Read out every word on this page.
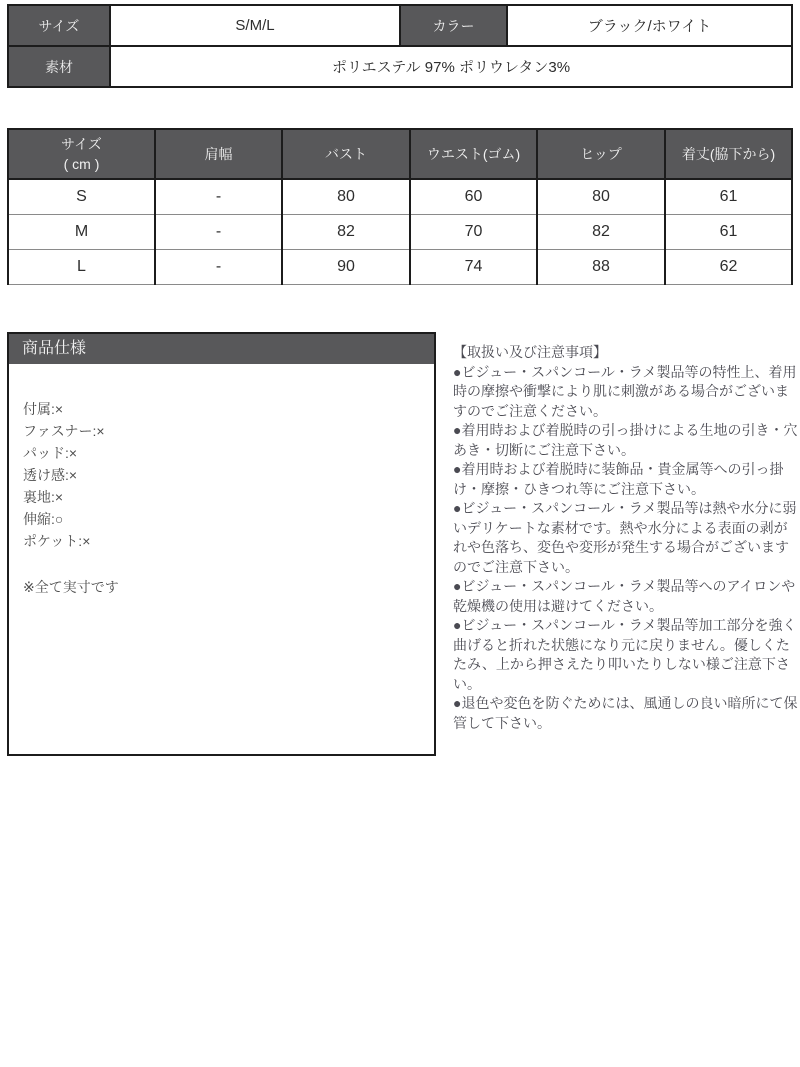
サイズ	S/M/L	カラー	ブラック/ホワイト
素材	ポリエステル 97% ポリウレタン3%		
サイズ
( cm )	肩幅	バスト	ウエスト(ゴム)	ヒップ	着丈(脇下から)
S	-	80	60	80	61
M	-	82	70	82	61
L	-	90	74	88	62
商品仕様
付属:×
ファスナー:×
パッド:×
透け感:×
裏地:×
伸縮:○
ポケット:×
※全て実寸です

【取扱い及び注意事項】

●ビジュー・スパンコール・ラメ製品等の特性上、着用時の摩擦や衝撃により肌に刺激がある場合がございますのでご注意ください。

●着用時および着脱時の引っ掛けによる生地の引き・穴あき・切断にご注意下さい。

●着用時および着脱時に装飾品・貴金属等への引っ掛け・摩擦・ひきつれ等にご注意下さい。

●ビジュー・スパンコール・ラメ製品等は熱や水分に弱いデリケートな素材です。熱や水分による表面の剥がれや色落ち、変色や変形が発生する場合がございますのでご注意下さい。

●ビジュー・スパンコール・ラメ製品等へのアイロンや乾燥機の使用は避けてください。

●ビジュー・スパンコール・ラメ製品等加工部分を強く曲げると折れた状態になり元に戻りません。優しくたたみ、上から押さえたり叩いたりしない様ご注意下さい。

●退色や変色を防ぐためには、風通しの良い暗所にて保管して下さい。
